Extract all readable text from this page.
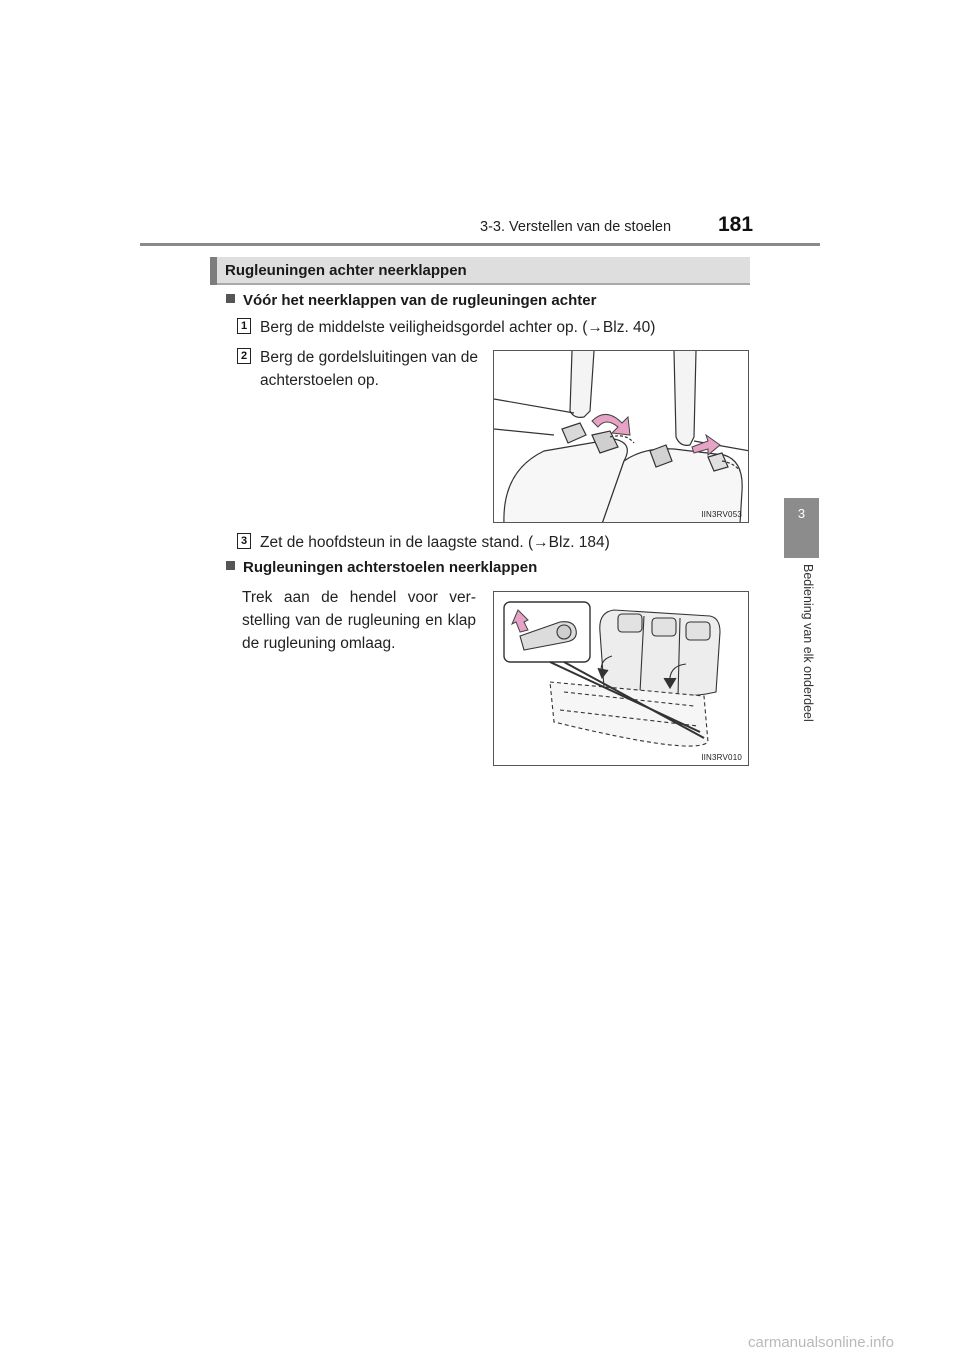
3-3. Verstellen van de stoelen	181
3
Bediening van elk onderdeel
Rugleuningen achter neerklappen
Vóór het neerklappen van de rugleuningen achter
1 Berg de middelste veiligheidsgordel achter op. (→Blz. 40)
2 Berg de gordelsluitingen van de achterstoelen op.
IIN3RV053
3 Zet de hoofdsteun in de laagste stand. (→Blz. 184)
Rugleuningen achterstoelen neerklappen
Trek aan de hendel voor ver-stelling van de rugleuning en klap de rugleuning omlaag.
IIN3RV010
carmanualsonline.info
